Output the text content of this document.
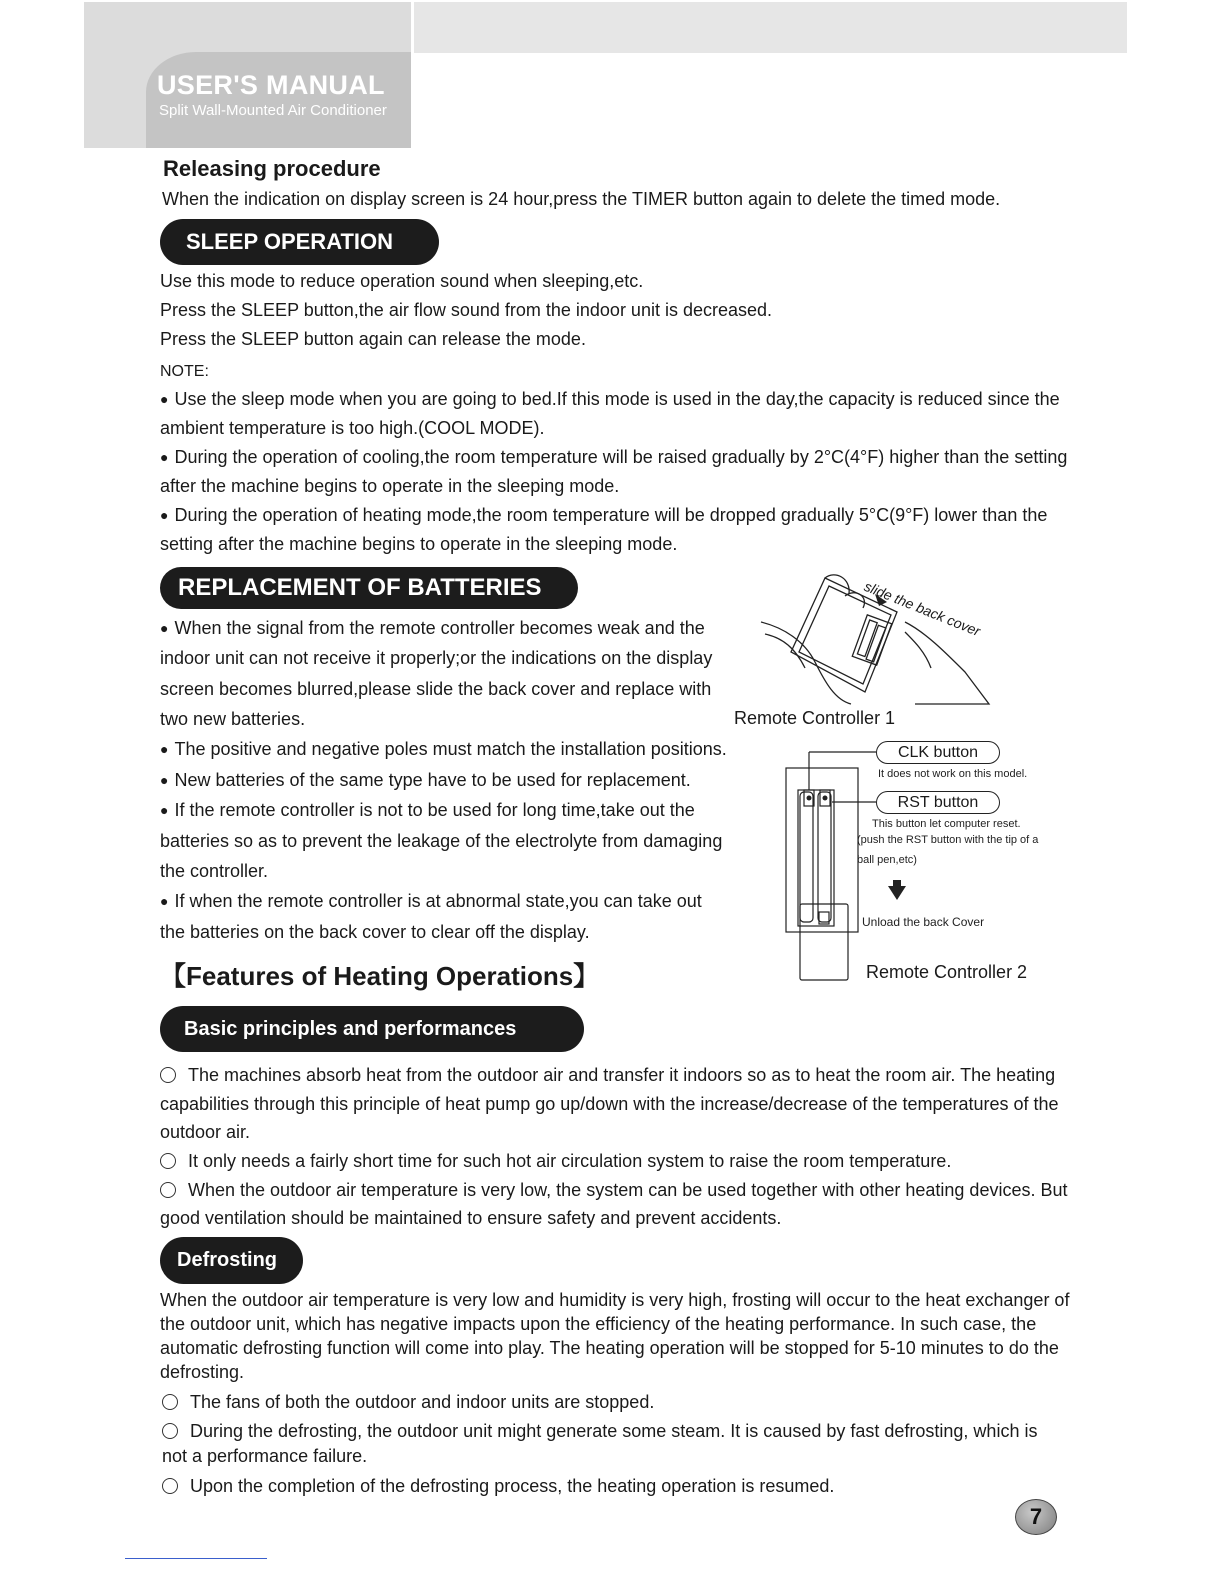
USER'S MANUAL
Split Wall-Mounted Air Conditioner
Releasing procedure
When the indication on display screen is 24 hour,press the TIMER button again to delete the timed mode.
SLEEP OPERATION
Use this mode to reduce operation sound when sleeping,etc.
Press the SLEEP button,the air flow sound from the indoor unit is decreased.
Press the SLEEP button again can release the mode.
NOTE:
● Use the sleep mode when you are going to bed.If this mode is used in the day,the capacity is reduced since the
ambient temperature is too high.(COOL MODE).
● During the operation of cooling,the room temperature will be raised gradually by 2°C(4°F) higher than the setting
after the machine begins to operate in the sleeping mode.
● During the operation of heating mode,the room temperature will be dropped gradually 5°C(9°F) lower than the
setting after the machine begins to operate in the sleeping mode.
REPLACEMENT OF BATTERIES
● When the signal from the remote controller becomes weak and the
indoor unit can not receive it properly;or the indications on the display
screen becomes blurred,please slide the back cover and replace with
two new batteries.
● The positive and negative poles must match the installation positions.
● New batteries of the same type have to be used for replacement.
● If the remote controller is not to be used for long time,take out the
batteries so as to prevent the leakage of the electrolyte from damaging
the controller.
● If when the remote controller is at abnormal state,you can take out
the batteries on the back cover to clear off the display.
slide the back cover
Remote Controller 1
CLK button
It does not work on this model.
RST button
This button let computer reset.
(push the RST button with the tip of a
ball pen,etc)
Unload the back Cover
Remote Controller 2
【Features of Heating Operations】
Basic principles and performances
The machines absorb heat from the outdoor air and transfer it indoors so as to heat the room air. The heating
capabilities through this principle of heat pump go up/down with the increase/decrease of the temperatures of the
outdoor air.
It only needs a fairly short time for such hot air circulation system to raise the room temperature.
When the outdoor air temperature is very low, the system can be used together with other heating devices. But
good ventilation should be maintained to ensure safety and prevent accidents.
Defrosting
When the outdoor air temperature is very low and humidity is very high, frosting will occur to the heat exchanger of
the outdoor unit, which has negative impacts upon the efficiency of the heating performance. In such case, the
automatic defrosting function will come into play. The heating operation will be stopped for 5-10 minutes to do the
defrosting.
The fans of both the outdoor and indoor units are stopped.
During the defrosting, the outdoor unit might generate some steam. It is caused by fast defrosting, which is
not a performance failure.
Upon the completion of the defrosting process, the heating operation is resumed.
7
